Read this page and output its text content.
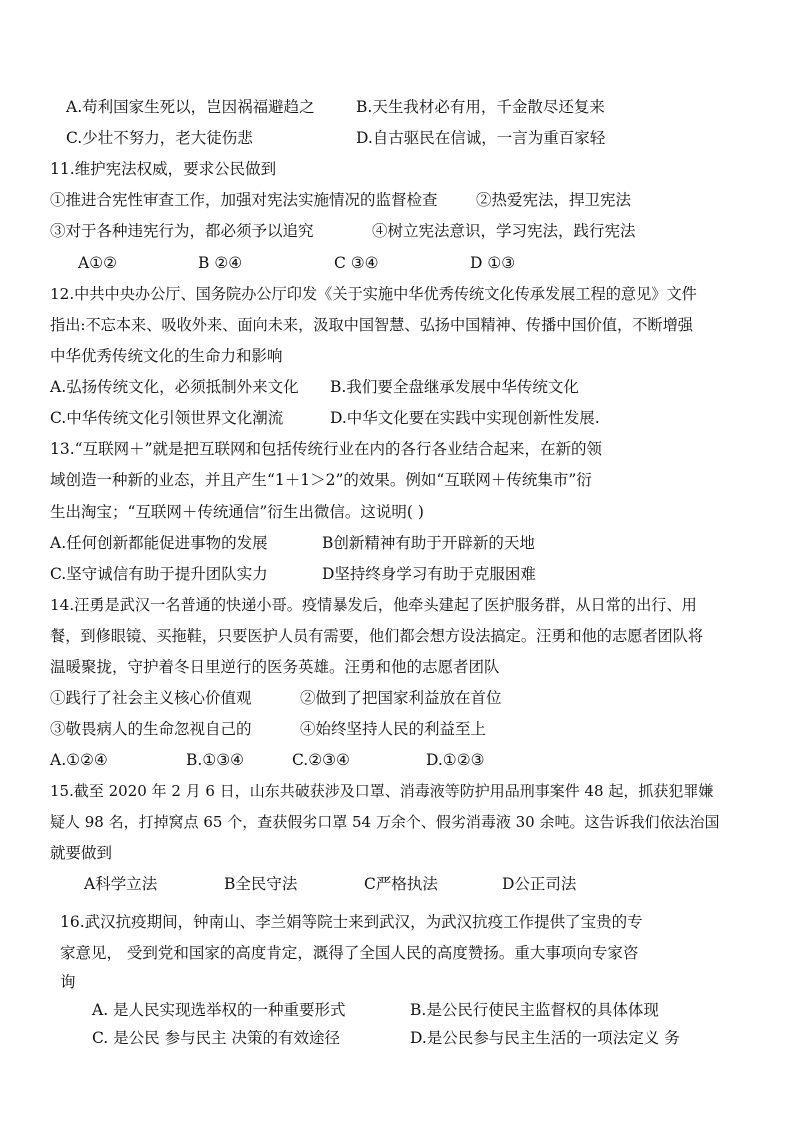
A.苟利国家生死以，岂因祸福避趋之	B.天生我材必有用，千金散尽还复来
C.少壮不努力，老大徒伤悲	D.自古驱民在信诚，一言为重百家轻
11.维护宪法权威，要求公民做到
①推进合宪性审查工作，加强对宪法实施情况的监督检查 ②热爱宪法，捍卫宪法
③对于各种违宪行为，都必须予以追究	④树立宪法意识，学习宪法，践行宪法
A①②	B ②④	C ③④	D ①③
12.中共中央办公厅、国务院办公厅印发《关于实施中华优秀传统文化传承发展工程的意见》文件
指出:不忘本来、吸收外来、面向未来，汲取中国智慧、弘扬中国精神、传播中国价值，不断增强
中华优秀传统文化的生命力和影响
A.弘扬传统文化，必须抵制外来文化 B.我们要全盘继承发展中华传统文化
C.中华传统文化引领世界文化潮流	D.中华文化要在实践中实现创新性发展.
13.“互联网＋”就是把互联网和包括传统行业在内的各行各业结合起来，在新的领
域创造一种新的业态，并且产生“1＋1＞2”的效果。例如“互联网＋传统集市”衍
生出淘宝；“互联网＋传统通信”衍生出微信。这说明( )
A.任何创新都能促进事物的发展	B创新精神有助于开辟新的天地
C.坚守诚信有助于提升团队实力	D坚持终身学习有助于克服困难
14.汪勇是武汉一名普通的快递小哥。疫情暴发后，他牵头建起了医护服务群，从日常的出行、用
餐，到修眼镜、买拖鞋，只要医护人员有需要，他们都会想方设法搞定。汪勇和他的志愿者团队将
温暖聚拢，守护着冬日里逆行的医务英雄。汪勇和他的志愿者团队
①践行了社会主义核心价值观	②做到了把国家利益放在首位
③敬畏病人的生命忽视自己的	④始终坚持人民的利益至上
A.①②④	B.①③④	C.②③④	D.①②③
15.截至 2020 年 2 月 6 日，山东共破获涉及口罩、消毒液等防护用品刑事案件 48 起，抓获犯罪嫌
疑人 98 名，打掉窝点 65 个，查获假劣口罩 54 万余个、假劣消毒液 30 余吨。这告诉我们依法治国
就要做到
A科学立法	B全民守法	C严格执法	D公正司法
16.武汉抗疫期间，钟南山、李兰娟等院士来到武汉，为武汉抗疫工作提供了宝贵的专
家意见， 受到党和国家的高度肯定，溉得了全国人民的高度赞扬。重大事项向专家咨
询
A. 是人民实现选举权的一种重要形式	B.是公民行使民主监督权的具体体现
C. 是公民 参与民主 决策的有效途径	D.是公民参与民主生活的一项法定义 务
